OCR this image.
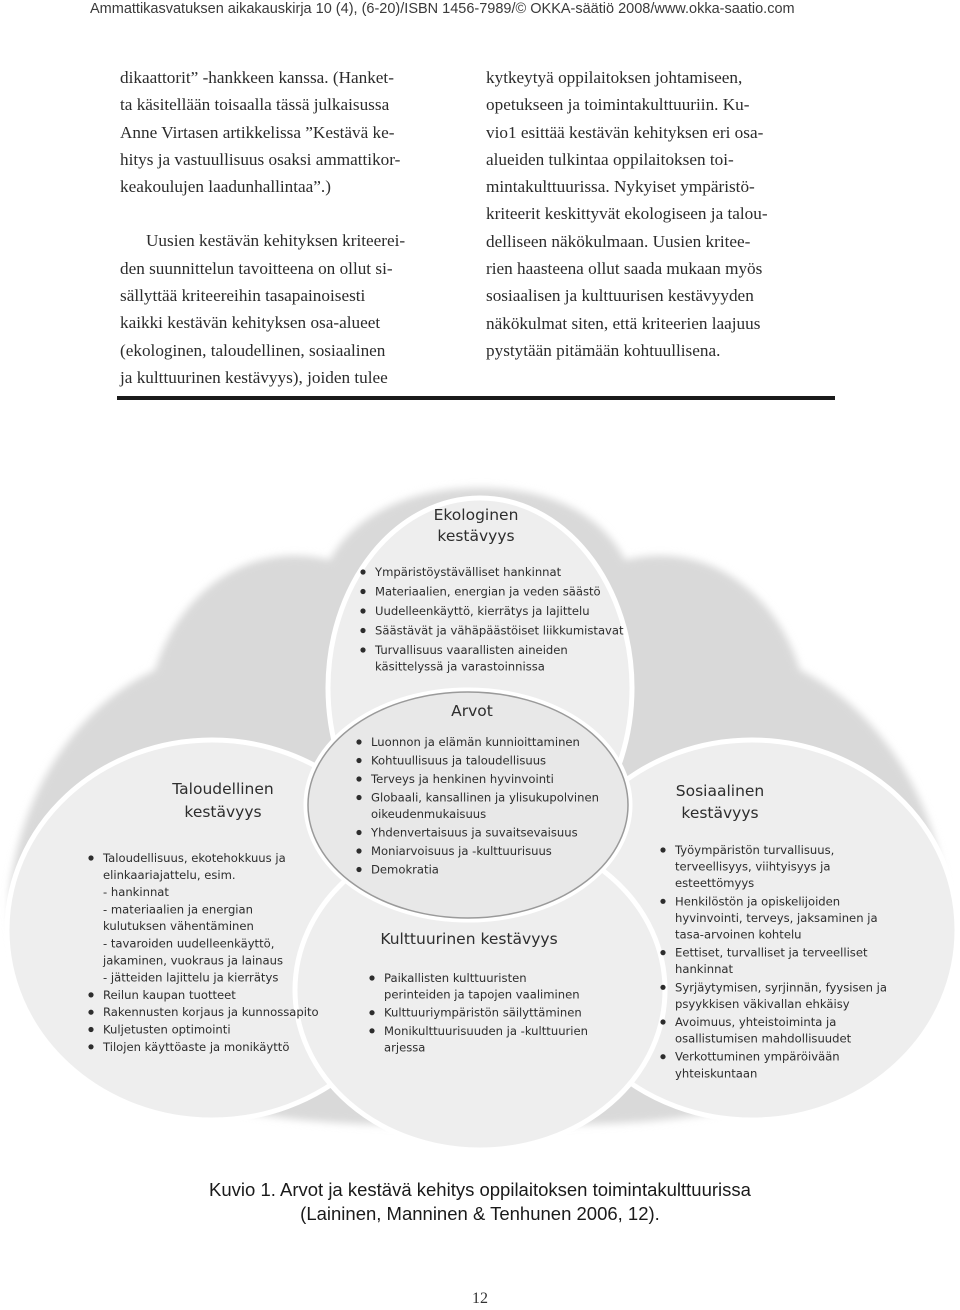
Ammattikasvatuksen aikakauskirja 10 (4), (6-20)/ISBN 1456-7989/© OKKA-säätiö 2008/www.okka-saatio.com

dikaattorit” -hankkeen kanssa. (Hanket-
ta käsitellään toisaalla tässä julkaisussa
Anne Virtasen artikkelissa ”Kestävä ke-
hitys ja vastuullisuus osaksi ammattikor-
keakoulujen laadunhallintaa”.)

Uusien kestävän kehityksen kriteerei-
den suunnittelun tavoitteena on ollut si-
sällyttää kriteereihin tasapainoisesti
kaikki kestävän kehityksen osa-alueet
(ekologinen, taloudellinen, sosiaalinen
ja kulttuurinen kestävyys), joiden tulee

kytkeytyä oppilaitoksen johtamiseen,
opetukseen ja toimintakulttuuriin. Ku-
vio1 esittää kestävän kehityksen eri osa-
alueiden tulkintaa oppilaitoksen toi-
mintakulttuurissa. Nykyiset ympäristö-
kriteerit keskittyvät ekologiseen ja talou-
delliseen näkökulmaan. Uusien kritee-
rien haasteena ollut saada mukaan myös
sosiaalisen ja kulttuurisen kestävyyden
näkökulmat siten, että kriteerien laajuus
pystytään pitämään kohtuullisena.

Ekologinen
kestävyys
Ympäristöystävälliset hankinnat
Materiaalien, energian ja veden säästö
Uudelleenkäyttö, kierrätys ja lajittelu
Säästävät ja vähäpäästöiset liikkumistavat
Turvallisuus vaarallisten aineiden
käsittelyssä ja varastoinnissa
Arvot
Luonnon ja elämän kunnioittaminen
Kohtuullisuus ja taloudellisuus
Terveys ja henkinen hyvinvointi
Globaali, kansallinen ja ylisukupolvinen
oikeudenmukaisuus
Yhdenvertaisuus ja suvaitsevaisuus
Moniarvoisuus ja -kulttuurisuus
Demokratia
Taloudellinen
kestävyys
Taloudellisuus, ekotehokkuus ja
elinkaariajattelu, esim.
- hankinnat
- materiaalien ja energian
kulutuksen vähentäminen
- tavaroiden uudelleenkäyttö,
jakaminen, vuokraus ja lainaus
- jätteiden lajittelu ja kierrätys
Reilun kaupan tuotteet
Rakennusten korjaus ja kunnossapito
Kuljetusten optimointi
Tilojen käyttöaste ja monikäyttö
Sosiaalinen
kestävyys
Työympäristön turvallisuus,
terveellisyys, viihtyisyys ja
esteettömyys
Henkilöstön ja opiskelijoiden
hyvinvointi, terveys, jaksaminen ja
tasa-arvoinen kohtelu
Eettiset, turvalliset ja terveelliset
hankinnat
Syrjäytymisen, syrjinnän, fyysisen ja
psyykkisen väkivallan ehkäisy
Avoimuus, yhteistoiminta ja
osallistumisen mahdollisuudet
Verkottuminen ympäröivään
yhteiskuntaan
Kulttuurinen kestävyys
Paikallisten kulttuuristen
perinteiden ja tapojen vaaliminen
Kulttuuriympäristön säilyttäminen
Monikulttuurisuuden ja -kulttuurien
arjessa
Kuvio 1. Arvot ja kestävä kehitys oppilaitoksen toimintakulttuurissa
(Laininen, Manninen & Tenhunen 2006, 12).
12
